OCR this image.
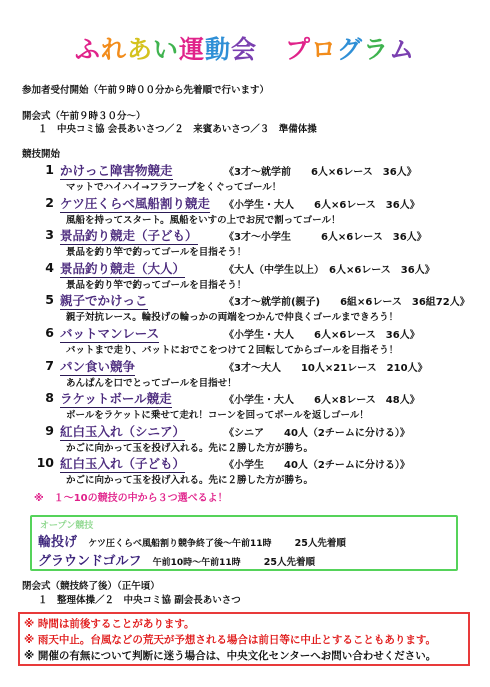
ふれあい運動会 プログラム
参加者受付開始（午前９時００分から先着順で行います）
開会式（午前９時３０分～）
１　中央コミ協 会長あいさつ／２　来賓あいさつ／３　準備体操
競技開始
1 かけっこ障害物競走	《3才～就学前　　6人×6レース　36人》
マットでハイハイ→フラフープをくぐってゴール！
2 ケツ圧くらべ風船割り競走 《小学生・大人　　6人×6レース　36人》
風船を持ってスタート。風船をいすの上でお尻で割ってゴール！
3 景品釣り競走（子ども）	《3才～小学生　　　6人×6レース　36人》
景品を釣り竿で釣ってゴールを目指そう！
4 景品釣り競走（大人）	《大人（中学生以上）　6人×6レース　36人》
景品を釣り竿で釣ってゴールを目指そう！
5 親子でかけっこ	《3才～就学前(親子)　　6組×6レース　36組72人》
親子対抗レース。輪投げの輪っかの両端をつかんで仲良くゴールまできろう！
6 バットマンレース	《小学生・大人　　6人×6レース　36人》
バットまで走り、バットにおでこをつけて２回転してからゴールを目指そう！
7 パン食い競争	《3才～大人　　10人×21レース　210人》
あんぱんを口でとってゴールを目指せ！
8 ラケットボール競走	《小学生・大人　　6人×8レース　48人》
ボールをラケットに乗せて走れ！コーンを回ってボールを返しゴール！
9 紅白玉入れ（シニア）	《シニア　　40人（2チームに分ける）》
かごに向かって玉を投げ入れる。先に２勝した方が勝ち。
10 紅白玉入れ（子ども）	《小学生　　40人（2チームに分ける）》
かごに向かって玉を投げ入れる。先に２勝した方が勝ち。
※　１～10の競技の中から３つ選べるよ！
オープン競技
輪投げ ケツ圧くらべ風船割り競争終了後～午前11時 25人先着順
グラウンドゴルフ 午前10時～午前11時 25人先着順
閉会式（競技終了後）（正午頃）
１　整理体操／２　中央コミ協 副会長あいさつ
※ 時間は前後することがあります。
※ 雨天中止。台風などの荒天が予想される場合は前日等に中止とすることもあります。
※ 開催の有無について判断に迷う場合は、中央文化センターへお問い合わせください。
